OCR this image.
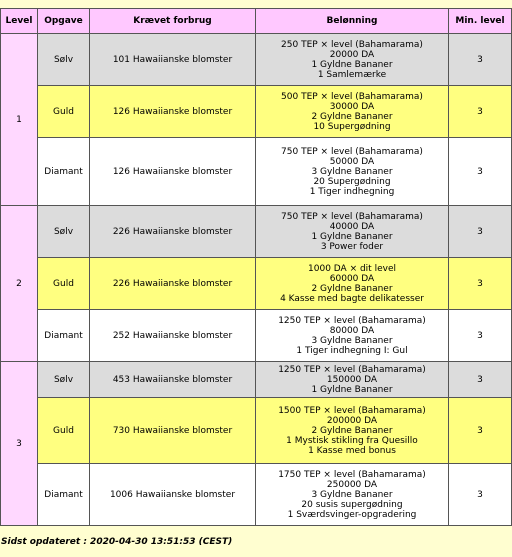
Level	Opgave	Krævet forbrug	Belønning	Min. level
1	Sølv	101 Hawaiianske blomster	250 TEP × level (Bahamarama)
20000 DA
1 Gyldne Bananer
1 Samlemærke	3
	Guld	126 Hawaiianske blomster	500 TEP × level (Bahamarama)
30000 DA
2 Gyldne Bananer
10 Supergødning	3
	Diamant	126 Hawaiianske blomster	750 TEP × level (Bahamarama)
50000 DA
3 Gyldne Bananer
20 Supergødning
1 Tiger indhegning	3
2	Sølv	226 Hawaiianske blomster	750 TEP × level (Bahamarama)
40000 DA
1 Gyldne Bananer
3 Power foder	3
	Guld	226 Hawaiianske blomster	1000 DA × dit level
60000 DA
2 Gyldne Bananer
4 Kasse med bagte delikatesser	3
	Diamant	252 Hawaiianske blomster	1250 TEP × level (Bahamarama)
80000 DA
3 Gyldne Bananer
1 Tiger indhegning I: Gul	3
3	Sølv	453 Hawaiianske blomster	1250 TEP × level (Bahamarama)
150000 DA
1 Gyldne Bananer	3
	Guld	730 Hawaiianske blomster	1500 TEP × level (Bahamarama)
200000 DA
2 Gyldne Bananer
1 Mystisk stikling fra Quesillo
1 Kasse med bonus	3
	Diamant	1006 Hawaiianske blomster	1750 TEP × level (Bahamarama)
250000 DA
3 Gyldne Bananer
20 susis supergødning
1 Sværdsvinger-opgradering	3
Sidst opdateret : 2020-04-30 13:51:53 (CEST)
